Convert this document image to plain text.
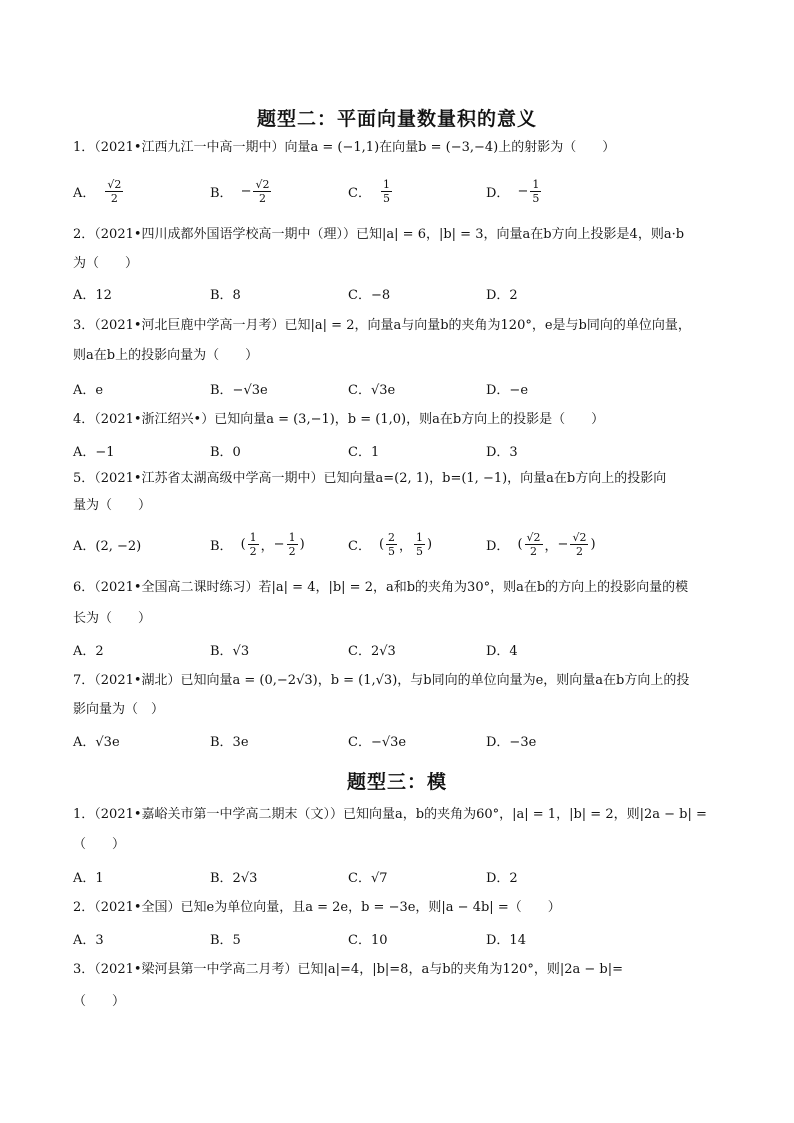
题型二：平面向量数量积的意义
1．（2021•江西九江一中高一期中）向量a = (−1,1)在向量b = (−3,−4)上的射影为（　　）
A． $\frac{√2}{2}$	B． − $\frac{√2}{2}$	C． $\frac{1}{5}$	D． − $\frac{1}{5}$
2．（2021•四川成都外国语学校高一期中（理））已知|a| = 6，|b| = 3，向量a在b方向上投影是4，则a·b
为（　　）
A．12	B．8	C．−8	D．2
3．（2021•河北巨鹿中学高一月考）已知|a| = 2，向量a与向量b的夹角为120°，e是与b同向的单位向量，
则a在b上的投影向量为（　　）
A．e	B．−√3e	C．√3e	D．−e
4．（2021•浙江绍兴•）已知向量a = (3,−1)，b = (1,0)，则a在b方向上的投影是（　　）
A．−1	B．0	C．1	D．3
5．（2021•江苏省太湖高级中学高一期中）已知向量a=(2, 1)，b=(1, −1)，向量a在b方向上的投影向
量为（　　）
A．(2, −2)	B． ( $\frac{1}{2}$ ， − $\frac{1}{2}$ )	C． ( $\frac{2}{5}$ ， $\frac{1}{5}$ )	D． ( $\frac{√2}{2}$ ， − $\frac{√2}{2}$ )
6．（2021•全国高二课时练习）若|a| = 4，|b| = 2，a和b的夹角为30°，则a在b的方向上的投影向量的模
长为（　　）
A．2	B．√3	C．2√3	D．4
7．（2021•湖北）已知向量a = (0,−2√3)，b = (1,√3)，与b同向的单位向量为e，则向量a在b方向上的投
影向量为（　）
A．√3e	B．3e	C．−√3e	D．−3e
题型三：模
1．（2021•嘉峪关市第一中学高二期末（文））已知向量a，b的夹角为60°，|a| = 1，|b| = 2，则|2a − b| =
（　　）
A．1	B．2√3	C．√7	D．2
2．（2021•全国）已知e为单位向量，且a = 2e，b = −3e，则|a − 4b| =（　　）
A．3	B．5	C．10	D．14
3．（2021•梁河县第一中学高二月考）已知|a|=4，|b|=8，a与b的夹角为120°，则|2a − b|=
（　　）
